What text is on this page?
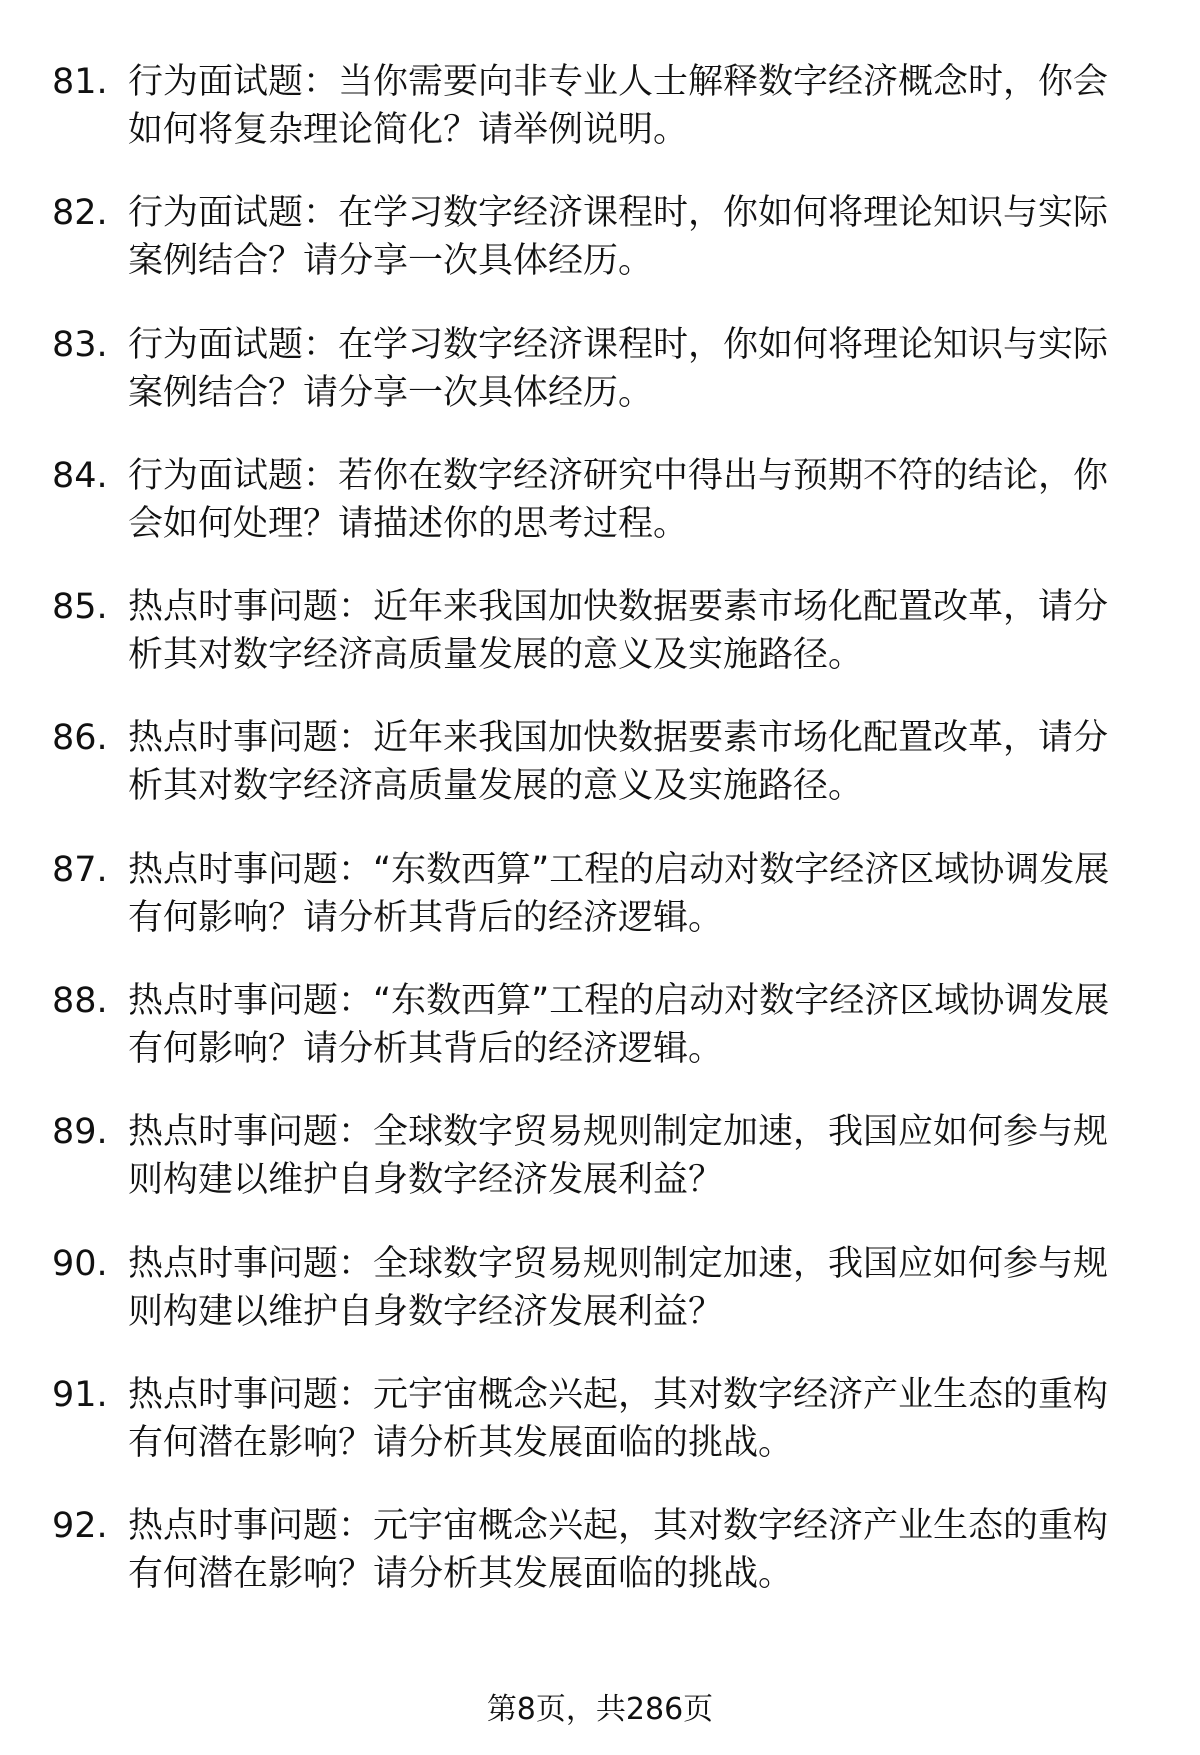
81. 行为面试题：当你需要向非专业人士解释数字经济概念时，你会如何将复杂理论简化？请举例说明。
82. 行为面试题：在学习数字经济课程时，你如何将理论知识与实际案例结合？请分享一次具体经历。
83. 行为面试题：在学习数字经济课程时，你如何将理论知识与实际案例结合？请分享一次具体经历。
84. 行为面试题：若你在数字经济研究中得出与预期不符的结论，你会如何处理？请描述你的思考过程。
85. 热点时事问题：近年来我国加快数据要素市场化配置改革，请分析其对数字经济高质量发展的意义及实施路径。
86. 热点时事问题：近年来我国加快数据要素市场化配置改革，请分析其对数字经济高质量发展的意义及实施路径。
87. 热点时事问题：“东数西算”工程的启动对数字经济区域协调发展有何影响？请分析其背后的经济逻辑。
88. 热点时事问题：“东数西算”工程的启动对数字经济区域协调发展有何影响？请分析其背后的经济逻辑。
89. 热点时事问题：全球数字贸易规则制定加速，我国应如何参与规则构建以维护自身数字经济发展利益？
90. 热点时事问题：全球数字贸易规则制定加速，我国应如何参与规则构建以维护自身数字经济发展利益？
91. 热点时事问题：元宇宙概念兴起，其对数字经济产业生态的重构有何潜在影响？请分析其发展面临的挑战。
92. 热点时事问题：元宇宙概念兴起，其对数字经济产业生态的重构有何潜在影响？请分析其发展面临的挑战。
第8页，共286页
